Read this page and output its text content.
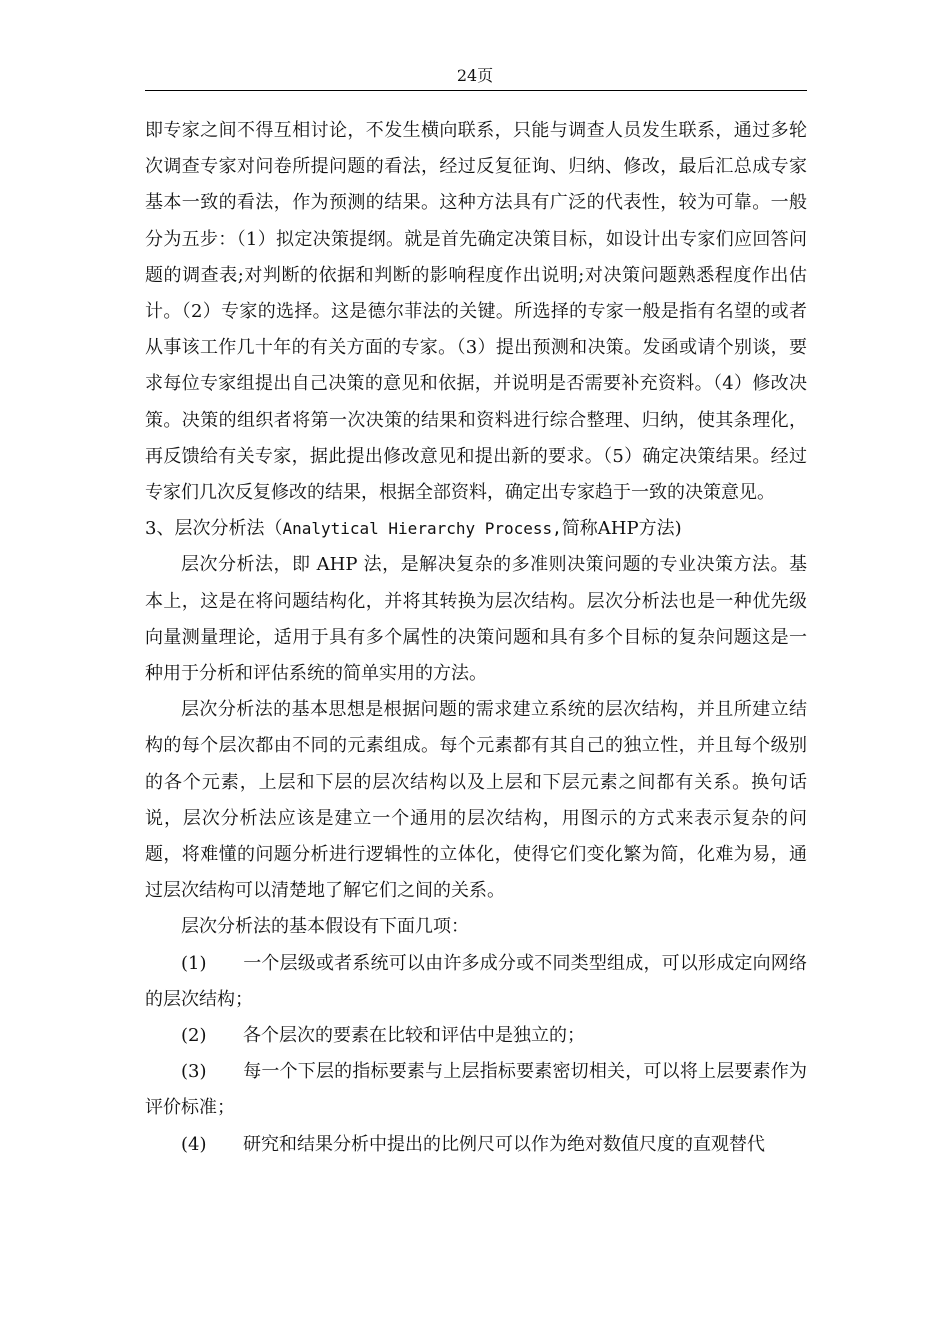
24页

即专家之间不得互相讨论，不发生横向联系，只能与调查人员发生联系，通过多轮次调查专家对问卷所提问题的看法，经过反复征询、归纳、修改，最后汇总成专家基本一致的看法，作为预测的结果。这种方法具有广泛的代表性，较为可靠。一般分为五步：（1）拟定决策提纲。就是首先确定决策目标，如设计出专家们应回答问题的调查表;对判断的依据和判断的影响程度作出说明;对决策问题熟悉程度作出估计。（2）专家的选择。这是德尔菲法的关键。所选择的专家一般是指有名望的或者从事该工作几十年的有关方面的专家。（3）提出预测和决策。发函或请个别谈，要求每位专家组提出自己决策的意见和依据，并说明是否需要补充资料。（4）修改决策。决策的组织者将第一次决策的结果和资料进行综合整理、归纳，使其条理化，再反馈给有关专家，据此提出修改意见和提出新的要求。（5）确定决策结果。经过专家们几次反复修改的结果，根据全部资料，确定出专家趋于一致的决策意见。

3、层次分析法（Analytical Hierarchy Process,简称AHP方法)

层次分析法，即 AHP 法，是解决复杂的多准则决策问题的专业决策方法。基本上，这是在将问题结构化，并将其转换为层次结构。层次分析法也是一种优先级向量测量理论，适用于具有多个属性的决策问题和具有多个目标的复杂问题这是一种用于分析和评估系统的简单实用的方法。

层次分析法的基本思想是根据问题的需求建立系统的层次结构，并且所建立结构的每个层次都由不同的元素组成。每个元素都有其自己的独立性，并且每个级别的各个元素，上层和下层的层次结构以及上层和下层元素之间都有关系。换句话说，层次分析法应该是建立一个通用的层次结构，用图示的方式来表示复杂的问题，将难懂的问题分析进行逻辑性的立体化，使得它们变化繁为简，化难为易，通过层次结构可以清楚地了解它们之间的关系。

层次分析法的基本假设有下面几项：

(1) 一个层级或者系统可以由许多成分或不同类型组成，可以形成定向网络的层次结构；

(2) 各个层次的要素在比较和评估中是独立的；

(3) 每一个下层的指标要素与上层指标要素密切相关，可以将上层要素作为评价标准；

(4) 研究和结果分析中提出的比例尺可以作为绝对数值尺度的直观替代
